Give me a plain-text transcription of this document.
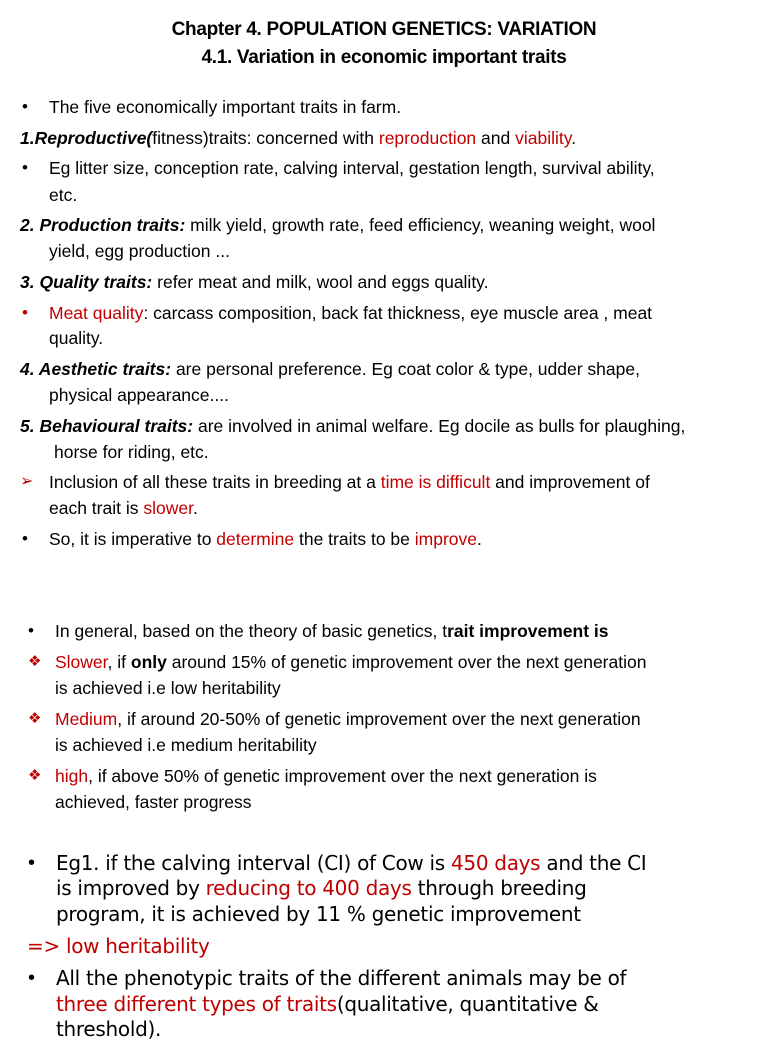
Chapter 4. POPULATION GENETICS: VARIATION
4.1. Variation in economic important traits
• The five economically important traits in farm.
1.Reproductive(fitness)traits: concerned with reproduction and viability.
• Eg litter size, conception rate, calving interval, gestation length, survival ability,
etc.
2. Production traits: milk yield, growth rate, feed efficiency, weaning weight, wool
yield, egg production ...
3. Quality traits: refer meat and milk, wool and eggs quality.
• Meat quality: carcass composition, back fat thickness, eye muscle area , meat
quality.
4. Aesthetic traits: are personal preference. Eg coat color & type, udder shape,
physical appearance....
5. Behavioural traits: are involved in animal welfare. Eg docile as bulls for plaughing,
horse for riding, etc.
➢ Inclusion of all these traits in breeding at a time is difficult and improvement of
each trait is slower.
• So, it is imperative to determine the traits to be improve.
• In general, based on the theory of basic genetics, trait improvement is
❖ Slower, if only around 15% of genetic improvement over the next generation
is achieved i.e low heritability
❖ Medium, if around 20-50% of genetic improvement over the next generation
is achieved i.e medium heritability
❖ high, if above 50% of genetic improvement over the next generation is
achieved, faster progress
• Eg1. if the calving interval (CI) of Cow is 450 days and the CI
is improved by reducing to 400 days through breeding
program, it is achieved by 11 % genetic improvement
=> low heritability
• All the phenotypic traits of the different animals may be of
three different types of traits(qualitative, quantitative &
threshold).
